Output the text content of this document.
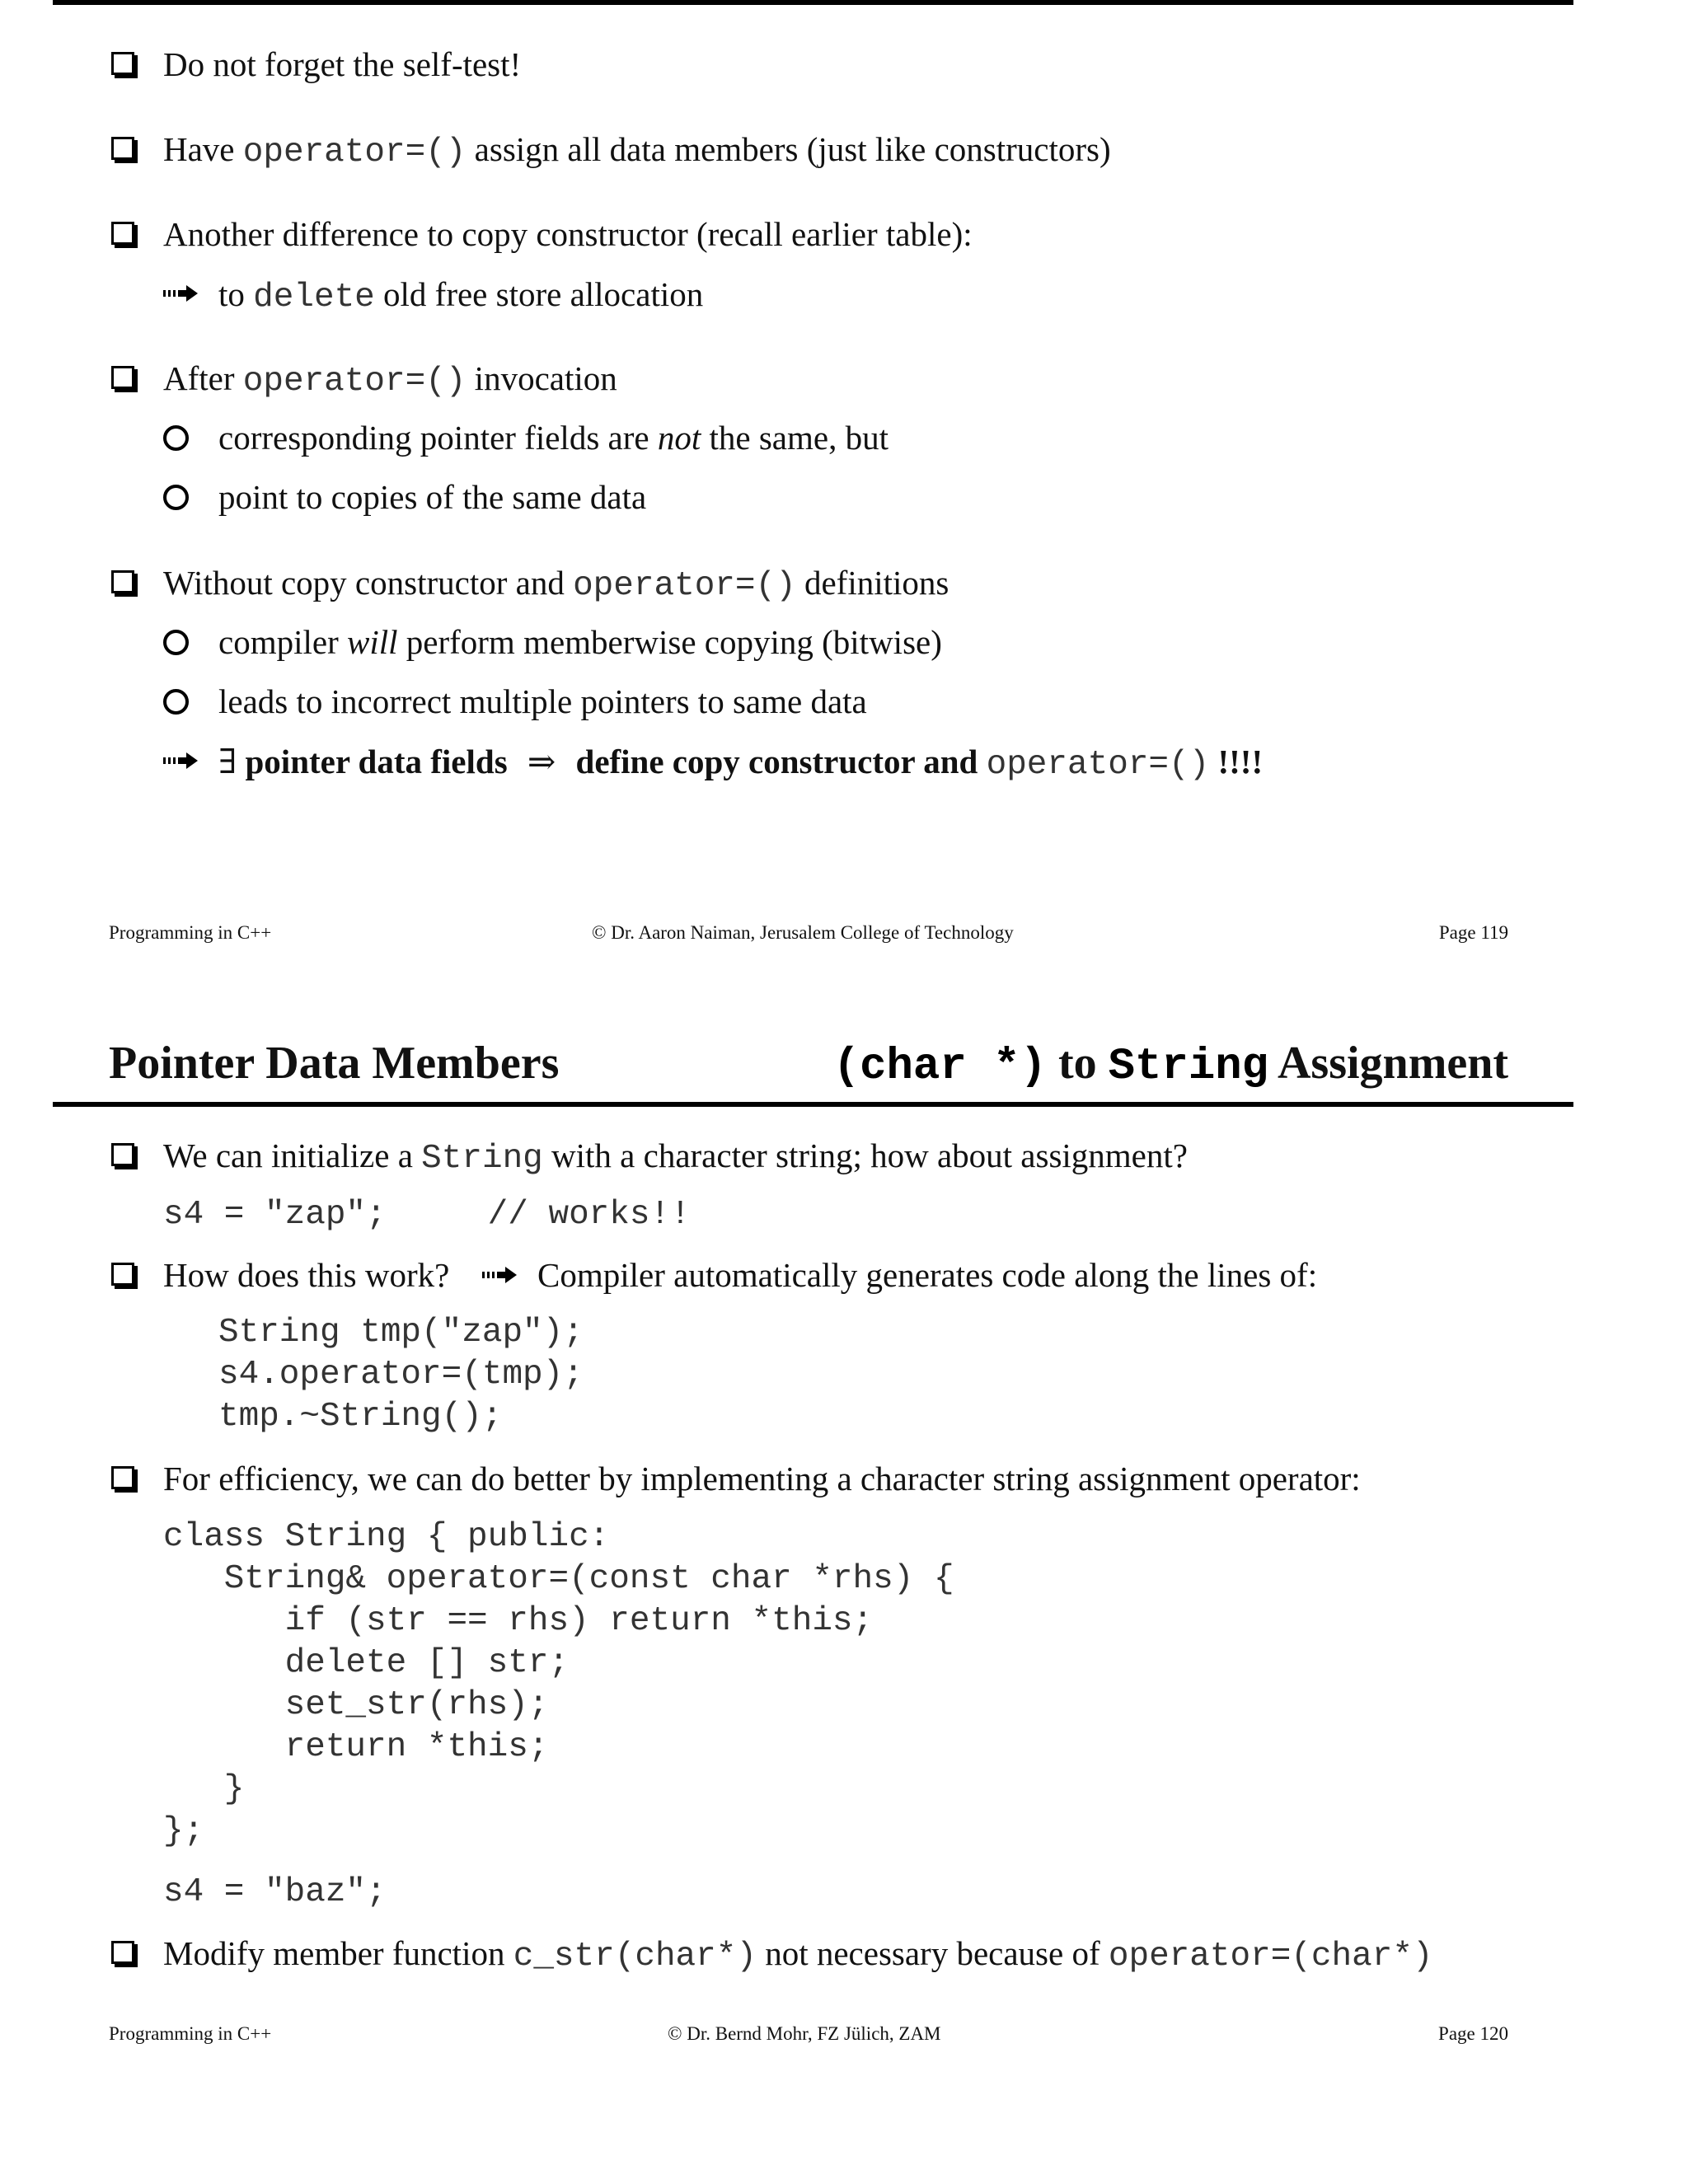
Do not forget the self-test!
Have operator=() assign all data members (just like constructors)
Another difference to copy constructor (recall earlier table):
to delete old free store allocation
After operator=() invocation
corresponding pointer fields are not the same, but
point to copies of the same data
Without copy constructor and operator=() definitions
compiler will perform memberwise copying (bitwise)
leads to incorrect multiple pointers to same data
∃ pointer data fields ⇒ define copy constructor and operator=() !!!!
Programming in C++	© Dr. Aaron Naiman, Jerusalem College of Technology	Page 119
Pointer Data Members	(char *) to String Assignment
We can initialize a String with a character string; how about assignment?
s4 = "zap";     // works!!
How does this work?	Compiler automatically generates code along the lines of:
String tmp("zap");
s4.operator=(tmp);
tmp.~String();
For efficiency, we can do better by implementing a character string assignment operator:
class String { public:
String& operator=(const char *rhs) {
if (str == rhs) return *this;
delete [] str;
set_str(rhs);
return *this;
}
};
s4 = "baz";
Modify member function c_str(char*) not necessary because of operator=(char*)
Programming in C++	© Dr. Bernd Mohr, FZ Jülich, ZAM	Page 120
